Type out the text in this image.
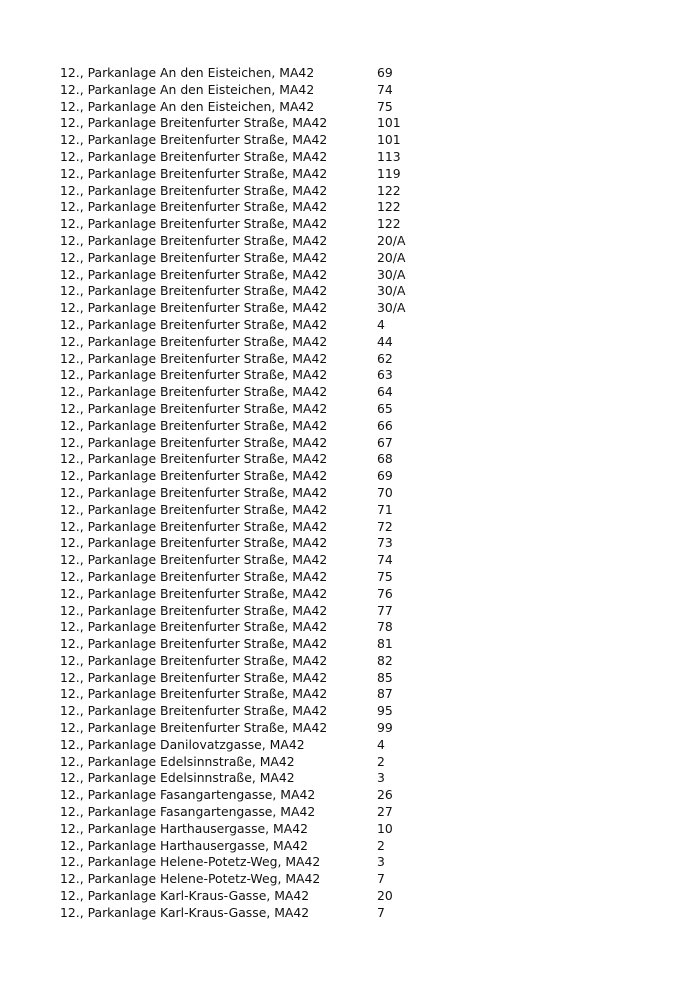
12., Parkanlage An den Eisteichen, MA42	69
12., Parkanlage An den Eisteichen, MA42	74
12., Parkanlage An den Eisteichen, MA42	75
12., Parkanlage Breitenfurter Straße, MA42	101
12., Parkanlage Breitenfurter Straße, MA42	101
12., Parkanlage Breitenfurter Straße, MA42	113
12., Parkanlage Breitenfurter Straße, MA42	119
12., Parkanlage Breitenfurter Straße, MA42	122
12., Parkanlage Breitenfurter Straße, MA42	122
12., Parkanlage Breitenfurter Straße, MA42	122
12., Parkanlage Breitenfurter Straße, MA42	20/A
12., Parkanlage Breitenfurter Straße, MA42	20/A
12., Parkanlage Breitenfurter Straße, MA42	30/A
12., Parkanlage Breitenfurter Straße, MA42	30/A
12., Parkanlage Breitenfurter Straße, MA42	30/A
12., Parkanlage Breitenfurter Straße, MA42	4
12., Parkanlage Breitenfurter Straße, MA42	44
12., Parkanlage Breitenfurter Straße, MA42	62
12., Parkanlage Breitenfurter Straße, MA42	63
12., Parkanlage Breitenfurter Straße, MA42	64
12., Parkanlage Breitenfurter Straße, MA42	65
12., Parkanlage Breitenfurter Straße, MA42	66
12., Parkanlage Breitenfurter Straße, MA42	67
12., Parkanlage Breitenfurter Straße, MA42	68
12., Parkanlage Breitenfurter Straße, MA42	69
12., Parkanlage Breitenfurter Straße, MA42	70
12., Parkanlage Breitenfurter Straße, MA42	71
12., Parkanlage Breitenfurter Straße, MA42	72
12., Parkanlage Breitenfurter Straße, MA42	73
12., Parkanlage Breitenfurter Straße, MA42	74
12., Parkanlage Breitenfurter Straße, MA42	75
12., Parkanlage Breitenfurter Straße, MA42	76
12., Parkanlage Breitenfurter Straße, MA42	77
12., Parkanlage Breitenfurter Straße, MA42	78
12., Parkanlage Breitenfurter Straße, MA42	81
12., Parkanlage Breitenfurter Straße, MA42	82
12., Parkanlage Breitenfurter Straße, MA42	85
12., Parkanlage Breitenfurter Straße, MA42	87
12., Parkanlage Breitenfurter Straße, MA42	95
12., Parkanlage Breitenfurter Straße, MA42	99
12., Parkanlage Danilovatzgasse, MA42	4
12., Parkanlage Edelsinnstraße, MA42	2
12., Parkanlage Edelsinnstraße, MA42	3
12., Parkanlage Fasangartengasse, MA42	26
12., Parkanlage Fasangartengasse, MA42	27
12., Parkanlage Harthausergasse, MA42	10
12., Parkanlage Harthausergasse, MA42	2
12., Parkanlage Helene-Potetz-Weg, MA42	3
12., Parkanlage Helene-Potetz-Weg, MA42	7
12., Parkanlage Karl-Kraus-Gasse, MA42	20
12., Parkanlage Karl-Kraus-Gasse, MA42	7
